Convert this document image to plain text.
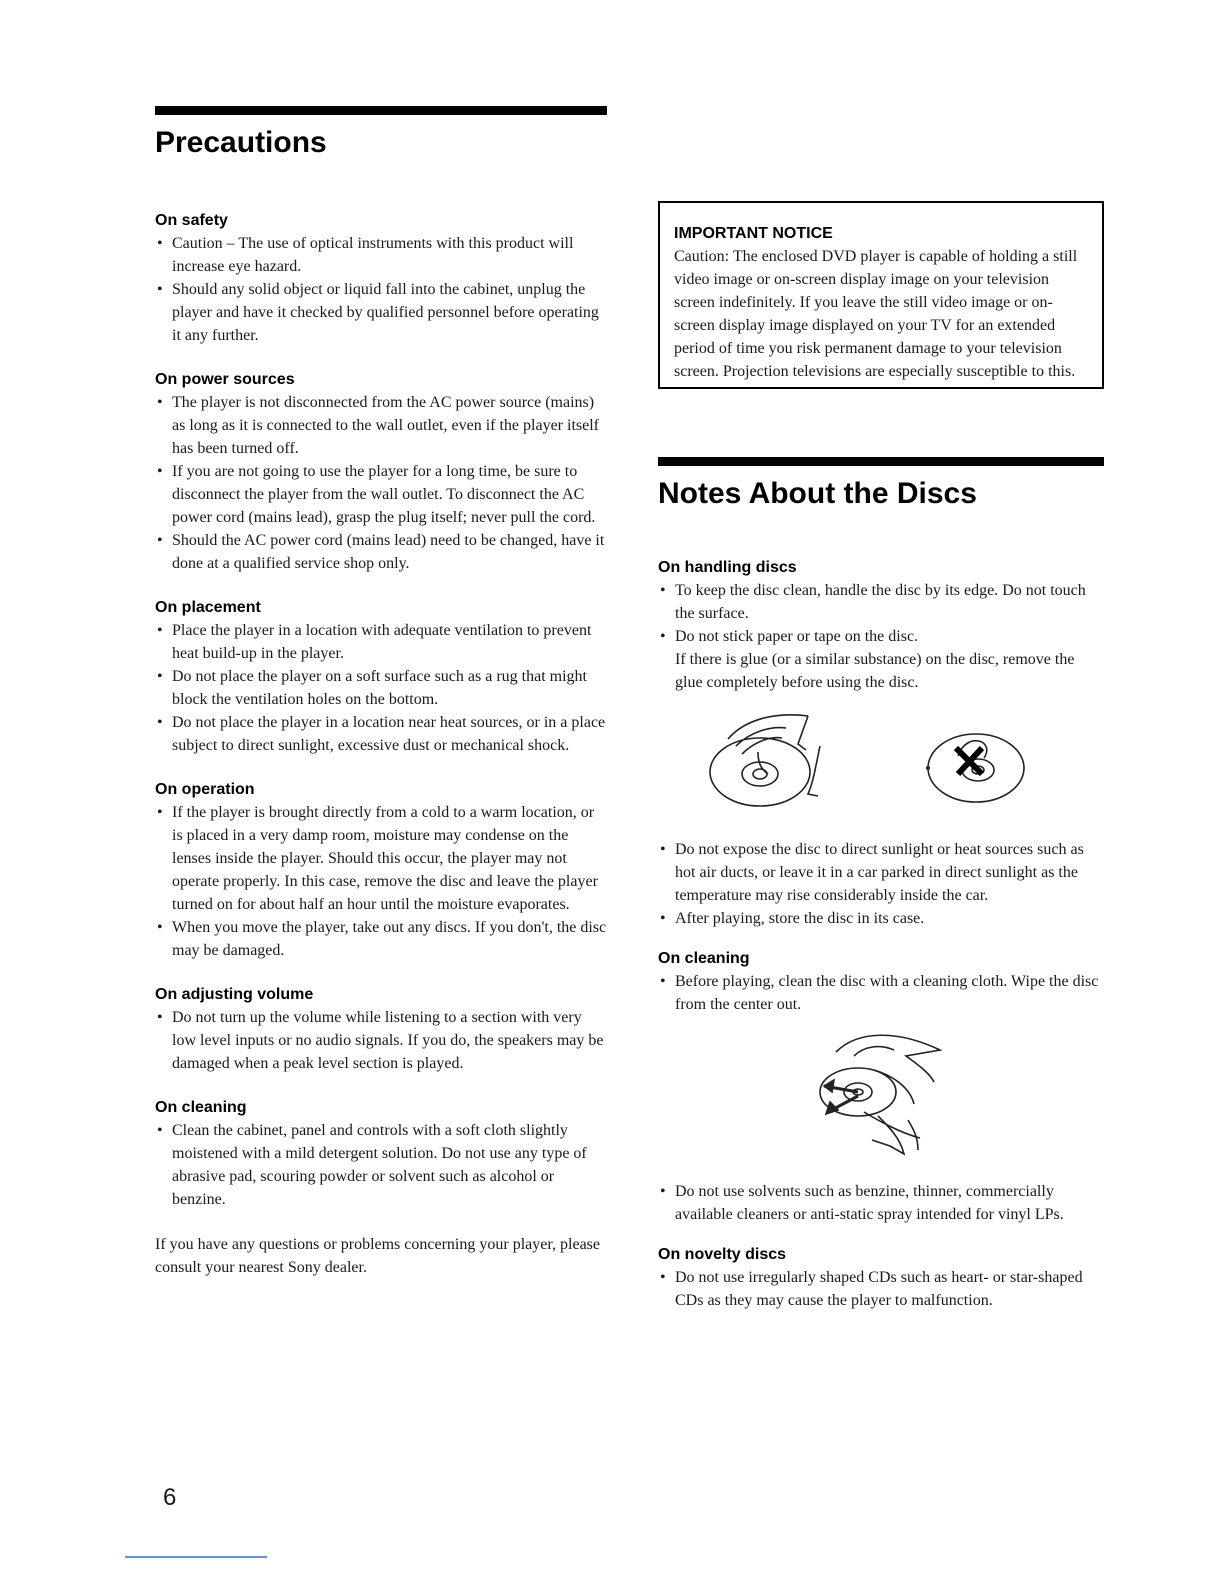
Precautions
On safety
• Caution – The use of optical instruments with this product will increase eye hazard.
• Should any solid object or liquid fall into the cabinet, unplug the player and have it checked by qualified personnel before operating it any further.
On power sources
• The player is not disconnected from the AC power source (mains) as long as it is connected to the wall outlet, even if the player itself has been turned off.
• If you are not going to use the player for a long time, be sure to disconnect the player from the wall outlet. To disconnect the AC power cord (mains lead), grasp the plug itself; never pull the cord.
• Should the AC power cord (mains lead) need to be changed, have it done at a qualified service shop only.
On placement
• Place the player in a location with adequate ventilation to prevent heat build-up in the player.
• Do not place the player on a soft surface such as a rug that might block the ventilation holes on the bottom.
• Do not place the player in a location near heat sources, or in a place subject to direct sunlight, excessive dust or mechanical shock.
On operation
• If the player is brought directly from a cold to a warm location, or is placed in a very damp room, moisture may condense on the lenses inside the player. Should this occur, the player may not operate properly. In this case, remove the disc and leave the player turned on for about half an hour until the moisture evaporates.
• When you move the player, take out any discs. If you don't, the disc may be damaged.
On adjusting volume
• Do not turn up the volume while listening to a section with very low level inputs or no audio signals. If you do, the speakers may be damaged when a peak level section is played.
On cleaning
• Clean the cabinet, panel and controls with a soft cloth slightly moistened with a mild detergent solution. Do not use any type of abrasive pad, scouring powder or solvent such as alcohol or benzine.

If you have any questions or problems concerning your player, please consult your nearest Sony dealer.

IMPORTANT NOTICE

Caution: The enclosed DVD player is capable of holding a still video image or on-screen display image on your television screen indefinitely. If you leave the still video image or on-screen display image displayed on your TV for an extended period of time you risk permanent damage to your television screen. Projection televisions are especially susceptible to this.

Notes About the Discs
On handling discs
• To keep the disc clean, handle the disc by its edge. Do not touch the surface.
• Do not stick paper or tape on the disc.
If there is glue (or a similar substance) on the disc, remove the glue completely before using the disc.
• Do not expose the disc to direct sunlight or heat sources such as hot air ducts, or leave it in a car parked in direct sunlight as the temperature may rise considerably inside the car.
• After playing, store the disc in its case.
On cleaning
• Before playing, clean the disc with a cleaning cloth. Wipe the disc from the center out.
• Do not use solvents such as benzine, thinner, commercially available cleaners or anti-static spray intended for vinyl LPs.
On novelty discs
• Do not use irregularly shaped CDs such as heart- or star-shaped CDs as they may cause the player to malfunction.
6
